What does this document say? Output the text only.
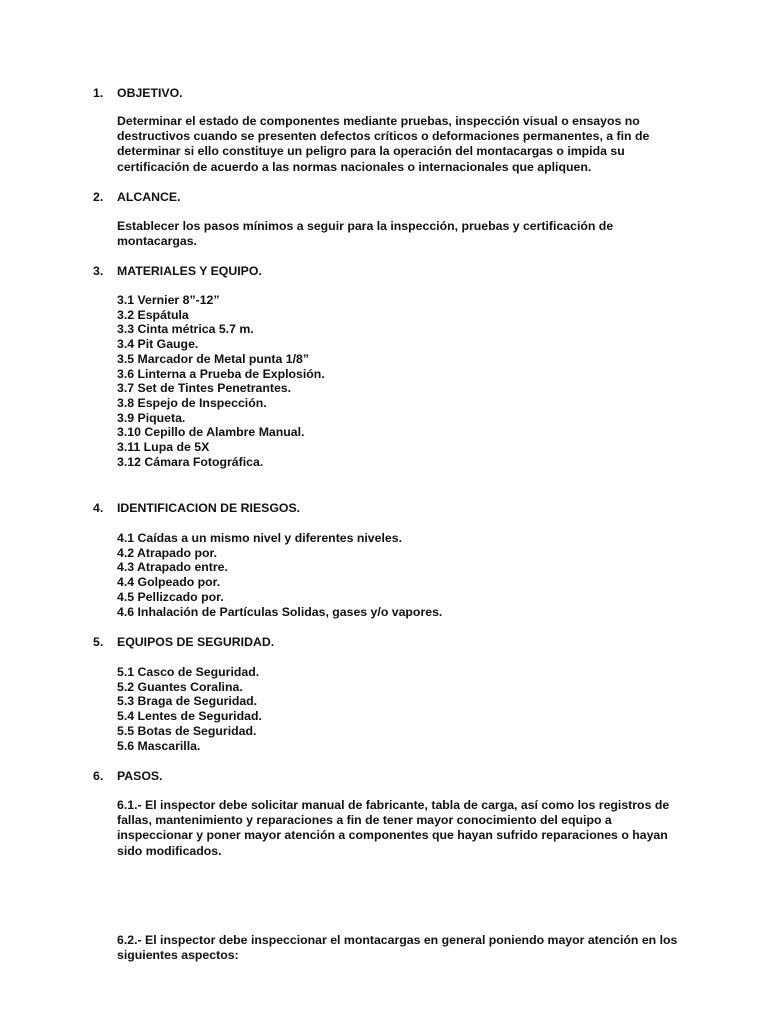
1. OBJETIVO.
Determinar el estado de componentes mediante pruebas, inspección visual o ensayos no
destructivos cuando se presenten defectos críticos o deformaciones permanentes, a fin de
determinar si ello constituye un peligro para la operación del montacargas o impida su
certificación de acuerdo a las normas nacionales o internacionales que apliquen.
2. ALCANCE.
Establecer los pasos mínimos a seguir para la inspección, pruebas y certificación de
montacargas.
3. MATERIALES Y EQUIPO.
3.1 Vernier 8”-12”
3.2 Espátula
3.3 Cinta métrica 5.7 m.
3.4 Pit Gauge.
3.5 Marcador de Metal punta 1/8”
3.6 Linterna a Prueba de Explosión.
3.7 Set de Tintes Penetrantes.
3.8 Espejo de Inspección.
3.9 Piqueta.
3.10 Cepillo de Alambre Manual.
3.11 Lupa de 5X
3.12 Cámara Fotográfica.
4. IDENTIFICACION DE RIESGOS.
4.1 Caídas a un mismo nivel y diferentes niveles.
4.2 Atrapado por.
4.3 Atrapado entre.
4.4 Golpeado por.
4.5 Pellizcado por.
4.6 Inhalación de Partículas Solidas, gases y/o vapores.
5. EQUIPOS DE SEGURIDAD.
5.1 Casco de Seguridad.
5.2 Guantes Coralina.
5.3 Braga de Seguridad.
5.4 Lentes de Seguridad.
5.5 Botas de Seguridad.
5.6 Mascarilla.
6. PASOS.
6.1.- El inspector debe solicitar manual de fabricante, tabla de carga, así como los registros de
fallas, mantenimiento y reparaciones a fin de tener mayor conocimiento del equipo a
inspeccionar y poner mayor atención a componentes que hayan sufrido reparaciones o hayan
sido modificados.
6.2.- El inspector debe inspeccionar el montacargas en general poniendo mayor atención en los
siguientes aspectos:
